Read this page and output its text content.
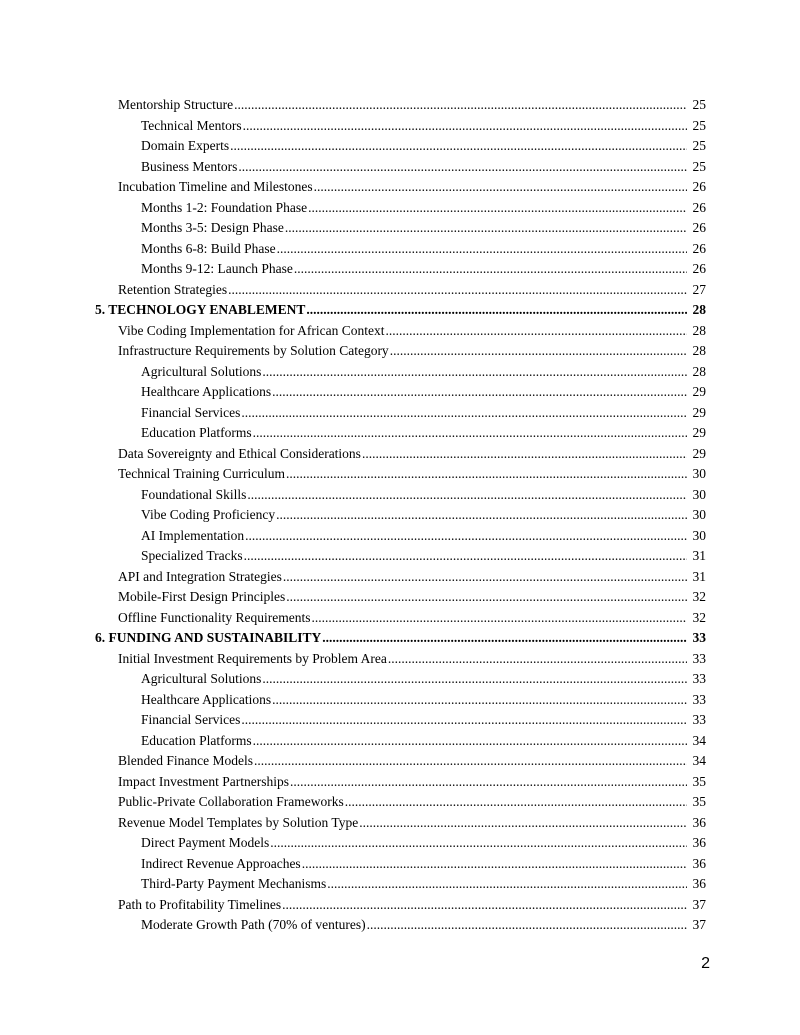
Mentorship Structure .....	25
Technical Mentors .....	25
Domain Experts .....	25
Business Mentors .....	25
Incubation Timeline and Milestones .....	26
Months 1-2: Foundation Phase .....	26
Months 3-5: Design Phase .....	26
Months 6-8: Build Phase .....	26
Months 9-12: Launch Phase .....	26
Retention Strategies .....	27
5. TECHNOLOGY ENABLEMENT .....	28
Vibe Coding Implementation for African Context .....	28
Infrastructure Requirements by Solution Category .....	28
Agricultural Solutions .....	28
Healthcare Applications .....	29
Financial Services .....	29
Education Platforms .....	29
Data Sovereignty and Ethical Considerations .....	29
Technical Training Curriculum .....	30
Foundational Skills .....	30
Vibe Coding Proficiency .....	30
AI Implementation .....	30
Specialized Tracks .....	31
API and Integration Strategies .....	31
Mobile-First Design Principles .....	32
Offline Functionality Requirements .....	32
6. FUNDING AND SUSTAINABILITY .....	33
Initial Investment Requirements by Problem Area .....	33
Agricultural Solutions .....	33
Healthcare Applications .....	33
Financial Services .....	33
Education Platforms .....	34
Blended Finance Models .....	34
Impact Investment Partnerships .....	35
Public-Private Collaboration Frameworks .....	35
Revenue Model Templates by Solution Type .....	36
Direct Payment Models .....	36
Indirect Revenue Approaches .....	36
Third-Party Payment Mechanisms .....	36
Path to Profitability Timelines .....	37
Moderate Growth Path (70% of ventures) .....	37
2
